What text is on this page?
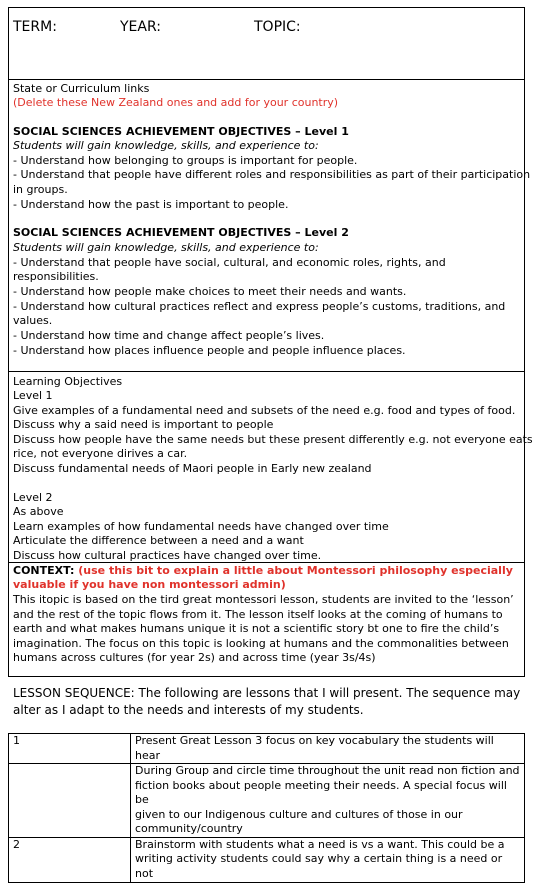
TERM:	YEAR:	TOPIC:
State or Curriculum links
(Delete these New Zealand ones and add for your country)
SOCIAL SCIENCES ACHIEVEMENT OBJECTIVES – Level 1
Students will gain knowledge, skills, and experience to:
- Understand how belonging to groups is important for people.
- Understand that people have different roles and responsibilities as part of their participation
in groups.
- Understand how the past is important to people.
SOCIAL SCIENCES ACHIEVEMENT OBJECTIVES – Level 2
Students will gain knowledge, skills, and experience to:
- Understand that people have social, cultural, and economic roles, rights, and
responsibilities.
- Understand how people make choices to meet their needs and wants.
- Understand how cultural practices reflect and express people’s customs, traditions, and
values.
- Understand how time and change affect people’s lives.
- Understand how places influence people and people influence places.
Learning Objectives
Level 1
Give examples of a fundamental need and subsets of the need e.g. food and types of food.
Discuss why a said need is important to people
Discuss how people have the same needs but these present differently e.g. not everyone eats
rice, not everyone dirives a car.
Discuss fundamental needs of Maori people in Early new zealand
Level 2
As above
Learn examples of how fundamental needs have changed over time
Articulate the difference between a need and a want
Discuss how cultural practices have changed over time.
CONTEXT: (use this bit to explain a little about Montessori philosophy especially
valuable if you have non montessori admin)
This itopic is based on the tird great montessori lesson, students are invited to the ‘lesson’
and the rest of the topic flows from it. The lesson itself looks at the coming of humans to
earth and what makes humans unique it is not a scientific story bt one to fire the child’s
imagination. The focus on this topic is looking at humans and the commonalities between
humans across cultures (for year 2s) and across time (year 3s/4s)
LESSON SEQUENCE: The following are lessons that I will present. The sequence may
alter as I adapt to the needs and interests of my students.
1	Present Great Lesson 3 focus on key vocabulary the students will hear

	During Group and circle time throughout the unit read non fiction and
fiction books about people meeting their needs. A special focus will be
given to our Indigenous culture and cultures of those in our
community/country

2	Brainstorm with students what a need is vs a want. This could be a
writing activity students could say why a certain thing is a need or not
